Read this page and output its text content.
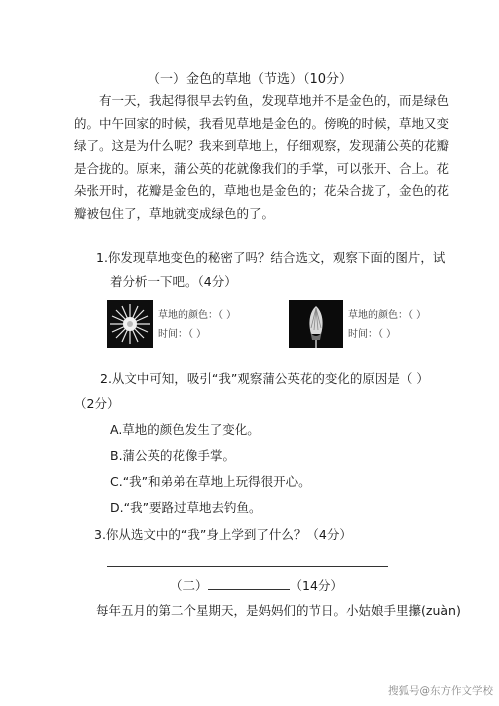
（一）金色的草地（节选）（10分）
有一天，我起得很早去钓鱼，发现草地并不是金色的，而是绿色
的。中午回家的时候，我看见草地是金色的。傍晚的时候，草地又变
绿了。这是为什么呢？我来到草地上，仔细观察，发现蒲公英的花瓣
是合拢的。原来，蒲公英的花就像我们的手掌，可以张开、合上。花
朵张开时，花瓣是金色的，草地也是金色的；花朵合拢了，金色的花
瓣被包住了，草地就变成绿色的了。
1.你发现草地变色的秘密了吗？结合选文，观察下面的图片，试
着分析一下吧。（4分）
草地的颜色：（ ）
时间：（ ）
草地的颜色：（ ）
时间：（ ）
2.从文中可知，吸引“我”观察蒲公英花的变化的原因是（ ）
（2分）
A.草地的颜色发生了变化。
B.蒲公英的花像手掌。
C.“我”和弟弟在草地上玩得很开心。
D.“我”要路过草地去钓鱼。
3.你从选文中的“我”身上学到了什么？（4分）
（二）	（14分）
每年五月的第二个星期天，是妈妈们的节日。小姑娘手里攥(zuàn)
搜狐号@东方作文学校
